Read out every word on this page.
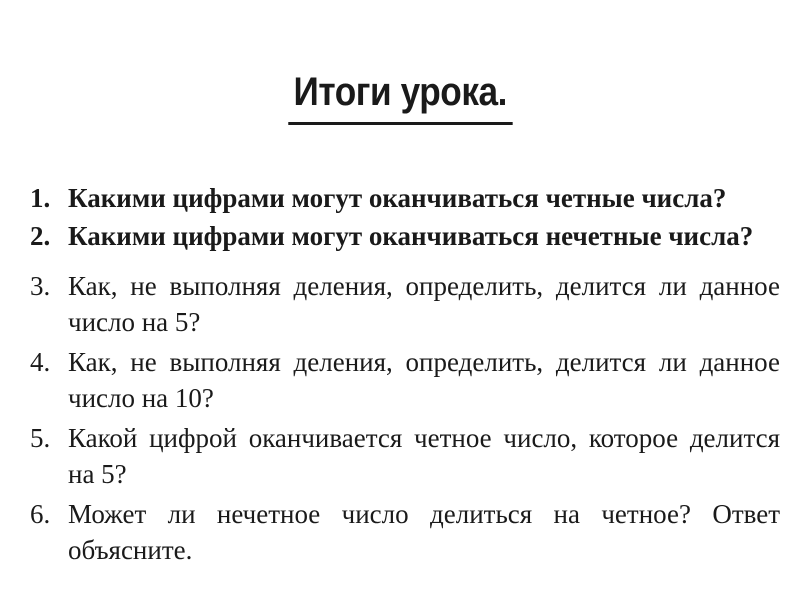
Итоги урока.
1. Какими цифрами могут оканчиваться четные числа?
2. Какими цифрами могут оканчиваться нечетные числа?
3. Как, не выполняя деления, определить, делится ли данное число на 5?
4. Как, не выполняя деления, определить, делится ли данное число на 10?
5. Какой цифрой оканчивается четное число, которое делится на 5?
6. Может ли нечетное число делиться на четное? Ответ объясните.
